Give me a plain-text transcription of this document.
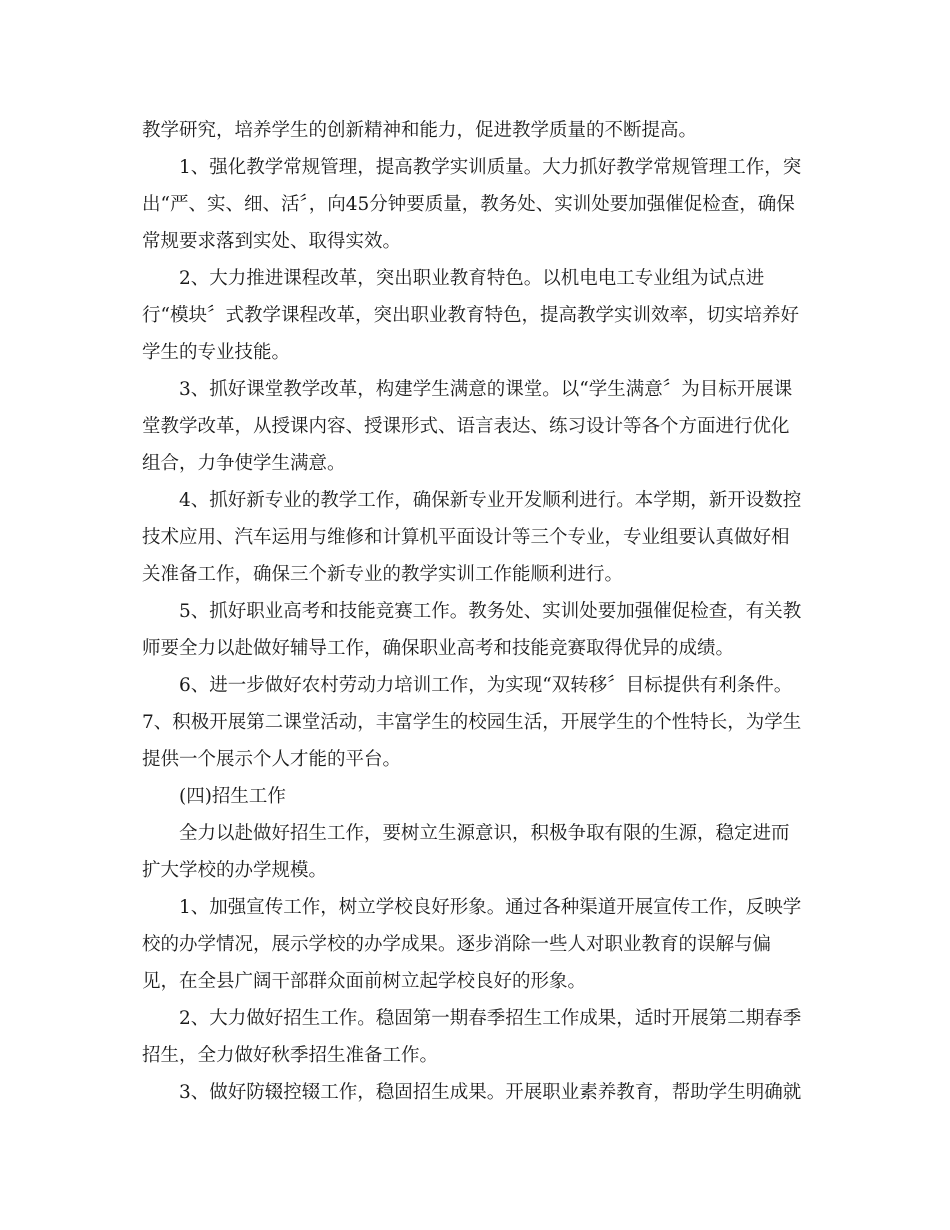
教学研究，培养学生的创新精神和能力，促进教学质量的不断提高。
1、强化教学常规管理，提高教学实训质量。大力抓好教学常规管理工作，突
出“严、实、细、活〞，向45分钟要质量，教务处、实训处要加强催促检查，确保
常规要求落到实处、取得实效。
2、大力推进课程改革，突出职业教育特色。以机电电工专业组为试点进
行“模块〞式教学课程改革，突出职业教育特色，提高教学实训效率，切实培养好
学生的专业技能。
3、抓好课堂教学改革，构建学生满意的课堂。以“学生满意〞为目标开展课
堂教学改革，从授课内容、授课形式、语言表达、练习设计等各个方面进行优化
组合，力争使学生满意。
4、抓好新专业的教学工作，确保新专业开发顺利进行。本学期，新开设数控
技术应用、汽车运用与维修和计算机平面设计等三个专业，专业组要认真做好相
关准备工作，确保三个新专业的教学实训工作能顺利进行。
5、抓好职业高考和技能竞赛工作。教务处、实训处要加强催促检查，有关教
师要全力以赴做好辅导工作，确保职业高考和技能竞赛取得优异的成绩。
6、进一步做好农村劳动力培训工作，为实现“双转移〞目标提供有利条件。
7、积极开展第二课堂活动，丰富学生的校园生活，开展学生的个性特长，为学生
提供一个展示个人才能的平台。
(四)招生工作
全力以赴做好招生工作，要树立生源意识，积极争取有限的生源，稳定进而
扩大学校的办学规模。
1、加强宣传工作，树立学校良好形象。通过各种渠道开展宣传工作，反映学
校的办学情况，展示学校的办学成果。逐步消除一些人对职业教育的误解与偏
见，在全县广阔干部群众面前树立起学校良好的形象。
2、大力做好招生工作。稳固第一期春季招生工作成果，适时开展第二期春季
招生，全力做好秋季招生准备工作。
3、做好防辍控辍工作，稳固招生成果。开展职业素养教育，帮助学生明确就
